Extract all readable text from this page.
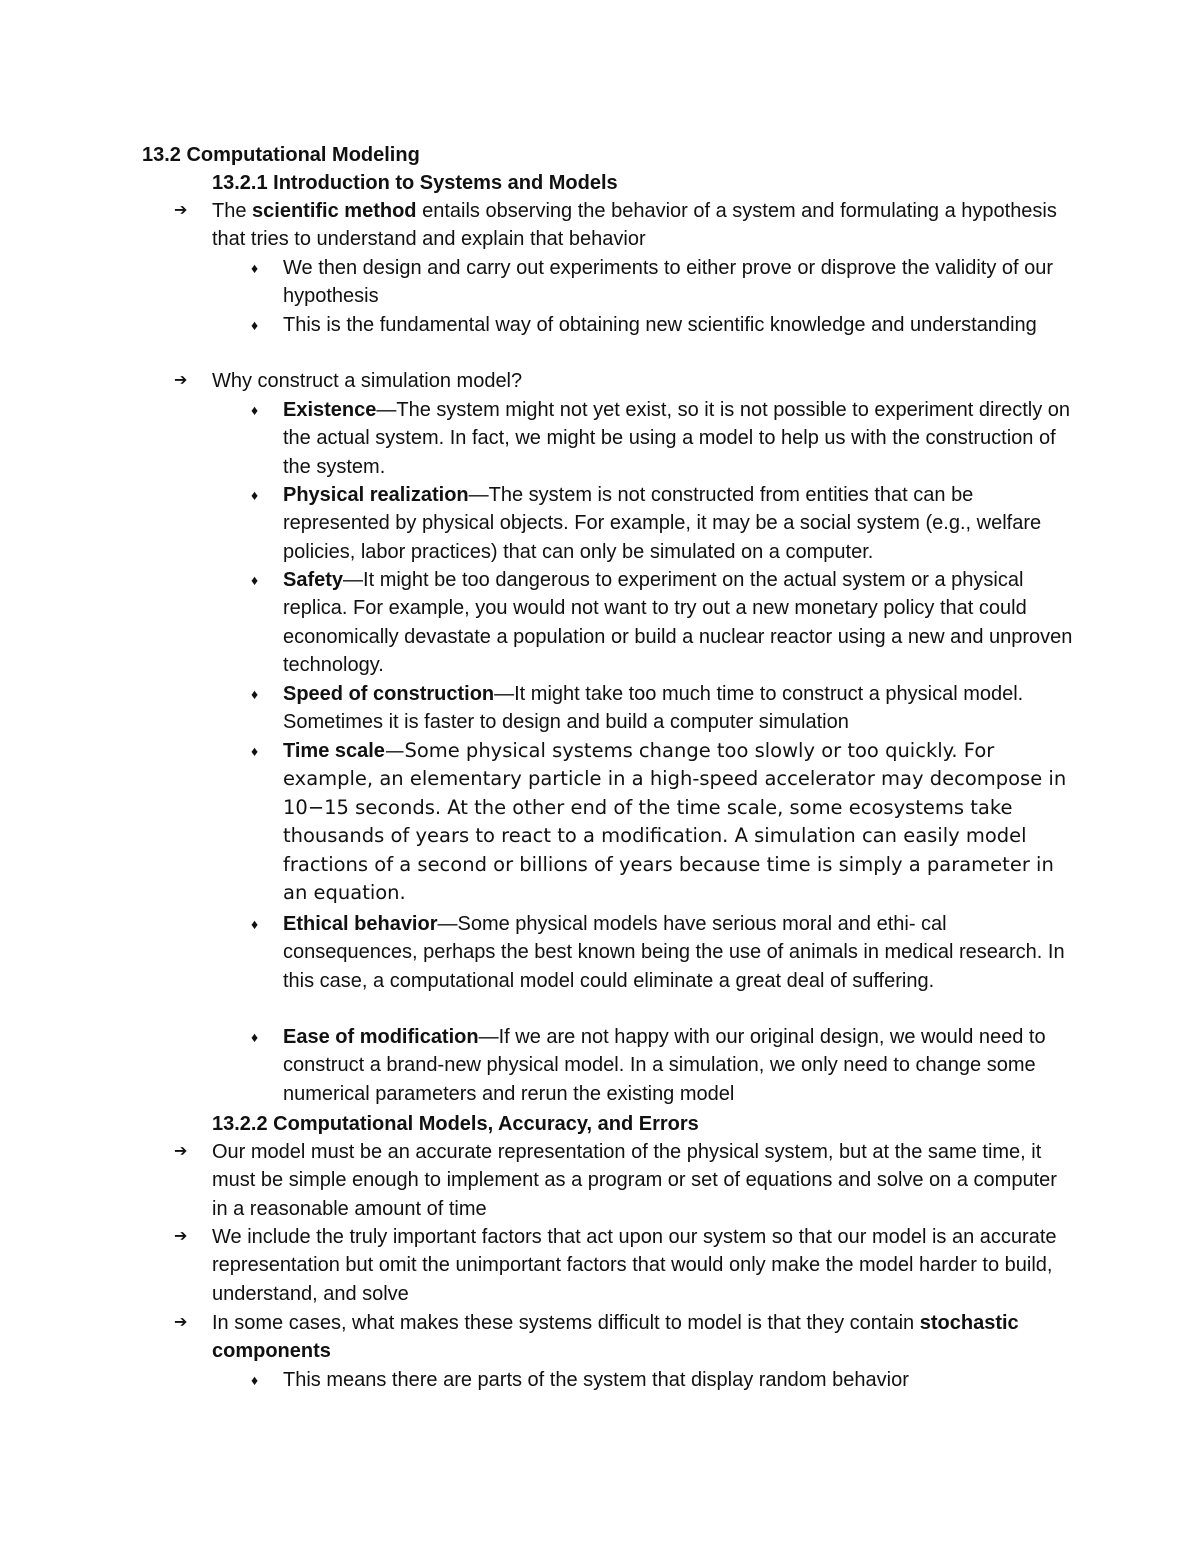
13.2 Computational Modeling
13.2.1 Introduction to Systems and Models
➔ The scientific method entails observing the behavior of a system and formulating a hypothesis that tries to understand and explain that behavior
♦ We then design and carry out experiments to either prove or disprove the validity of our hypothesis
♦ This is the fundamental way of obtaining new scientific knowledge and understanding
➔ Why construct a simulation model?
♦ Existence—The system might not yet exist, so it is not possible to experiment directly on the actual system. In fact, we might be using a model to help us with the construction of the system.
♦ Physical realization—The system is not constructed from entities that can be represented by physical objects. For example, it may be a social system (e.g., welfare policies, labor practices) that can only be simulated on a computer.
♦ Safety—It might be too dangerous to experiment on the actual system or a physical replica. For example, you would not want to try out a new monetary policy that could economically devastate a population or build a nuclear reactor using a new and unproven technology.
♦ Speed of construction—It might take too much time to construct a physical model. Sometimes it is faster to design and build a computer simulation
♦ Time scale—Some physical systems change too slowly or too quickly. For example, an elementary particle in a high-speed accelerator may decompose in 10−15 seconds. At the other end of the time scale, some ecosystems take thousands of years to react to a modification. A simulation can easily model fractions of a second or billions of years because time is simply a parameter in an equation.
♦ Ethical behavior—Some physical models have serious moral and ethi- cal consequences, perhaps the best known being the use of animals in medical research. In this case, a computational model could eliminate a great deal of suffering.
♦ Ease of modification—If we are not happy with our original design, we would need to construct a brand-new physical model. In a simulation, we only need to change some numerical parameters and rerun the existing model
13.2.2 Computational Models, Accuracy, and Errors
➔ Our model must be an accurate representation of the physical system, but at the same time, it must be simple enough to implement as a program or set of equations and solve on a computer in a reasonable amount of time
➔ We include the truly important factors that act upon our system so that our model is an accurate representation but omit the unimportant factors that would only make the model harder to build, understand, and solve
➔ In some cases, what makes these systems difficult to model is that they contain stochastic components
♦ This means there are parts of the system that display random behavior
